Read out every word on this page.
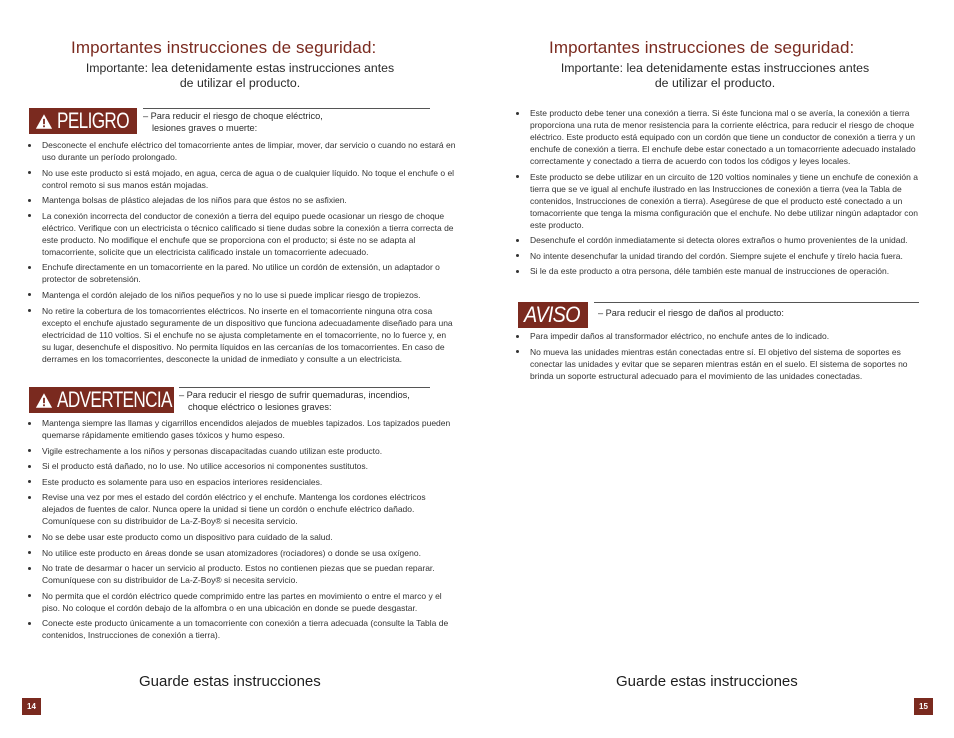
Importantes instrucciones de seguridad:
Importante: lea detenidamente estas instrucciones antes
de utilizar el producto.
PELIGRO – Para reducir el riesgo de choque eléctrico,
lesiones graves o muerte:
Desconecte el enchufe eléctrico del tomacorriente antes de limpiar, mover, dar servicio o cuando no estará en uso durante un período prolongado.
No use este producto si está mojado, en agua, cerca de agua o de cualquier líquido. No toque el enchufe o el control remoto si sus manos están mojadas.
Mantenga bolsas de plástico alejadas de los niños para que éstos no se asfixien.
La conexión incorrecta del conductor de conexión a tierra del equipo puede ocasionar un riesgo de choque eléctrico. Verifique con un electricista o técnico calificado si tiene dudas sobre la conexión a tierra correcta de este producto. No modifique el enchufe que se proporciona con el producto; si éste no se adapta al tomacorriente, solicite que un electricista calificado instale un tomacorriente adecuado.
Enchufe directamente en un tomacorriente en la pared. No utilice un cordón de extensión, un adaptador o protector de sobretensión.
Mantenga el cordón alejado de los niños pequeños y no lo use si puede implicar riesgo de tropiezos.
No retire la cobertura de los tomacorrientes eléctricos. No inserte en el tomacorriente ninguna otra cosa excepto el enchufe ajustado seguramente de un dispositivo que funciona adecuadamente diseñado para una electricidad de 110 voltios. Si el enchufe no se ajusta completamente en el tomacorriente, no lo fuerce y, en su lugar, desenchufe el dispositivo. No permita líquidos en las cercanías de los tomacorrientes. En caso de derrames en los tomacorrientes, desconecte la unidad de inmediato y consulte a un electricista.
ADVERTENCIA – Para reducir el riesgo de sufrir quemaduras, incendios,
choque eléctrico o lesiones graves:
Mantenga siempre las llamas y cigarrillos encendidos alejados de muebles tapizados. Los tapizados pueden quemarse rápidamente emitiendo gases tóxicos y humo espeso.
Vigile estrechamente a los niños y personas discapacitadas cuando utilizan este producto.
Si el producto está dañado, no lo use. No utilice accesorios ni componentes sustitutos.
Este producto es solamente para uso en espacios interiores residenciales.
Revise una vez por mes el estado del cordón eléctrico y el enchufe. Mantenga los cordones eléctricos alejados de fuentes de calor. Nunca opere la unidad si tiene un cordón o enchufe eléctrico dañado. Comuníquese con su distribuidor de La-Z-Boy® si necesita servicio.
No se debe usar este producto como un dispositivo para cuidado de la salud.
No utilice este producto en áreas donde se usan atomizadores (rociadores) o donde se usa oxígeno.
No trate de desarmar o hacer un servicio al producto. Estos no contienen piezas que se puedan reparar. Comuníquese con su distribuidor de La-Z-Boy® si necesita servicio.
No permita que el cordón eléctrico quede comprimido entre las partes en movimiento o entre el marco y el piso. No coloque el cordón debajo de la alfombra o en una ubicación en donde se puede desgastar.
Conecte este producto únicamente a un tomacorriente con conexión a tierra adecuada (consulte la Tabla de contenidos, Instrucciones de conexión a tierra).
Guarde estas instrucciones
14
Importantes instrucciones de seguridad:
Importante: lea detenidamente estas instrucciones antes
de utilizar el producto.
Este producto debe tener una conexión a tierra. Si éste funciona mal o se avería, la conexión a tierra proporciona una ruta de menor resistencia para la corriente eléctrica, para reducir el riesgo de choque eléctrico. Este producto está equipado con un cordón que tiene un conductor de conexión a tierra y un enchufe de conexión a tierra. El enchufe debe estar conectado a un tomacorriente adecuado instalado correctamente y conectado a tierra de acuerdo con todos los códigos y leyes locales.
Este producto se debe utilizar en un circuito de 120 voltios nominales y tiene un enchufe de conexión a tierra que se ve igual al enchufe ilustrado en las Instrucciones de conexión a tierra (vea la Tabla de contenidos, Instrucciones de conexión a tierra). Asegúrese de que el producto esté conectado a un tomacorriente que tenga la misma configuración que el enchufe. No debe utilizar ningún adaptador con este producto.
Desenchufe el cordón inmediatamente si detecta olores extraños o humo provenientes de la unidad.
No intente desenchufar la unidad tirando del cordón. Siempre sujete el enchufe y tírelo hacia fuera.
Si le da este producto a otra persona, déle también este manual de instrucciones de operación.
AVISO – Para reducir el riesgo de daños al producto:
Para impedir daños al transformador eléctrico, no enchufe antes de lo indicado.
No mueva las unidades mientras están conectadas entre sí. El objetivo del sistema de soportes es conectar las unidades y evitar que se separen mientras están en el suelo. El sistema de soportes no brinda un soporte estructural adecuado para el movimiento de las unidades conectadas.
Guarde estas instrucciones
15
